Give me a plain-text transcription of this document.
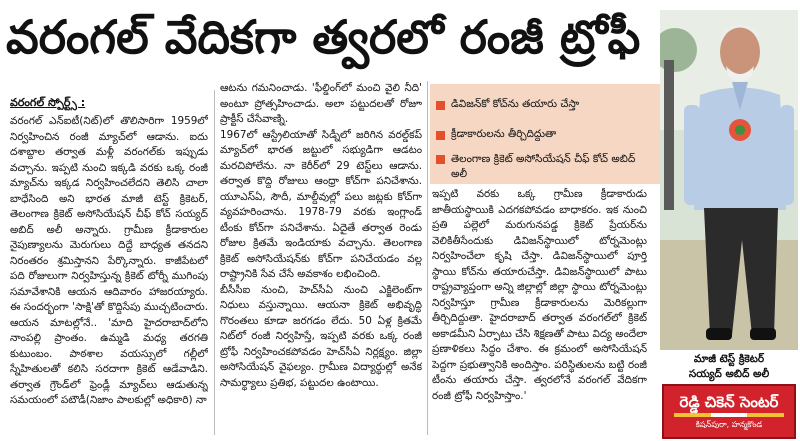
వరంగల్ వేదికగా త్వరలో రంజీ ట్రోఫీ
వరంగల్ స్పోర్ట్స్ :	డివిజన్‌కో కోచ్‌ను తయారు చేస్తా
క్రీడాకారులను తీర్చిదిద్దుతా
తెలంగాణ క్రికెట్ అసోసియేషన్ చీఫ్ కోచ్ అబిద్ అలీ

వరంగల్ ఎన్ఐటీ(నిట్)లో తొలిసారిగా 1959లో నిర్వహించిన రంజీ మ్యాచ్‌లో ఆడాను. ఐదు దశాబ్దాల తర్వాత మళ్లీ వరంగల్‌కు ఇప్పుడు వచ్చాను. ఇప్పటి నుంచి ఇక్కడి వరకు ఒక్క రంజీ మ్యాచ్‌ను ఇక్కడ నిర్వహించలేదని తెలిసి చాలా బాధేసింది అని భారత మాజీ టెస్ట్ క్రికెటర్, తెలంగాణ క్రికెట్ అసోసియేషన్ చీఫ్ కోచ్ సయ్యద్ అబిద్ అలీ అన్నారు. గ్రామీణ క్రీడాకారుల నైపుణ్యాలను మెరుగులు దిద్దే బాధ్యత తనదని నిరంతరం శ్రమిస్తానని పేర్కొన్నారు. కాజీపేటలో పది రోజులుగా నిర్వహిస్తున్న క్రికెట్ టోర్నీ ముగింపు సమావేశానికి ఆయన ఆదివారం హాజరయ్యారు. ఈ సందర్భంగా 'సాక్షి'తో కొద్దిసేపు ముచ్చటించారు. ఆయన మాటల్లోనే.. 'మాది హైదరాబాద్‌లోని నాంపల్లి ప్రాంతం. ఉమ్మడి మధ్య తరగతి కుటుంబం. పాఠశాల వయస్సులో గల్లీలో స్నేహితులతో కలిసి సరదాగా క్రికెట్ ఆడేవాడిని. తర్వాత గ్రౌండ్‌లో ఫ్రెండ్లీ మ్యాచ్‌లు ఆడుతున్న సమయంలో పటౌడీ(నిజాం పాలకుల్లో అధికారి) నా

ఆటను గమనించాడు. 'ఫీల్డింగ్‌లో మంచి వైలి నీది' అంటూ ప్రోత్సహించాడు. అలా పట్టుదలతో రోజూ ప్రాక్టీస్ చేసేవాణ్ని.

1967లో ఆస్ట్రేలియాతో సిడ్నీలో జరిగిన వరల్డ్‌కప్ మ్యాచ్‌లో భారత జట్టులో సభ్యుడిగా ఆడటం మరచిపోలేను. నా కెరీర్‌లో 29 టెస్ట్‌లు ఆడాను. తర్వాత కొద్ది రోజులు ఆంధ్రా కోచ్‌గా పనిచేశాను. యూఎస్ఏ, సౌదీ, మాల్దీవుల్లో పలు జట్లకు కోచ్‌గా వ్యవహరించాను. 1978-79 వరకు ఇంగ్లాండ్ టీంకు కోచ్‌గా పనిచేశాను. ఏదైతే తర్వాత రెండు రోజుల క్రితమే ఇండియాకు వచ్చాను. తెలంగాణ క్రికెట్ అసోసియేషన్‌కు కోచ్‌గా పనిచేయడం వల్ల రాష్ట్రానికి సేవ చేసే అవకాశం లభించింది.

బీసీసీఐ నుంచి, హెచ్‌సీఏ నుంచి ఎక్జిలెంట్‌గా నిధులు వస్తున్నాయి. ఆయనా క్రికెట్ అభివృద్ధి గొరంతలు కూడా జరగడం లేదు. 50 ఏళ్ల క్రితమే నిట్‌లో రంజీ నిర్వహిస్తే, ఇప్పటి వరకు ఒక్క రంజీ ట్రోఫీ నిర్వహించకపోవడం హెచ్‌సీఏ నిర్లక్ష్యం. జిల్లా అసోసియేషన్ వైఫల్యం. గ్రామీణ విద్యార్థుల్లో అనేక సామర్థ్యాలు ప్రతిభ, పట్టుదల ఉంటాయి.

ఇప్పటి వరకు ఒక్క గ్రామీణ క్రీడాకారుడు జాతీయస్థాయికి ఎదగకపోవడం బాధాకరం. ఇక నుంచి ప్రతి పల్లెలో మరుగునపడ్డ క్రికెట్ ప్రేయర్‌ను వెలికితీసేందుకు డివిజన్‌స్థాయిలో టోర్నమెంట్లు నిర్వహించేలా కృషి చేస్తా. డివిజన్‌స్థాయిలో పూర్తి స్థాయి కోచ్‌ను తయారుచేస్తా. డివిజన్‌స్థాయిలో పాటు రాష్ట్రవ్యాప్తంగా అన్ని జిల్లాల్లో జిల్లా స్థాయి టోర్నమెంట్లు నిర్వహిస్తూ గ్రామీణ క్రీడాకారులను మెరికల్లుగా తీర్చిదిద్దుతా. హైదరాబాద్ తర్వాత వరంగల్‌లో క్రికెట్ అకాడమీని ఏర్పాటు చేసి శిక్షణతో పాటు విద్య అందేలా ప్రణాళికలు సిద్ధం చేశాం. ఈ క్రమంలో అసోసియేషన్ పెద్దగా ప్రభుత్వానికి అందిస్తాం. పరిస్థితులను బట్టి రంజీ టీంను తయారు చేస్తా. త్వరలోనే వరంగల్ వేదికగా రంజీ ట్రోఫీ నిర్వహిస్తాం.'

మాజీ టెస్ట్ క్రికెటర్
సయ్యద్ అబిద్ అలీ
రెడ్డి చికెన్ సెంటర్
కిషన్‌పురా, హన్మకొండ
